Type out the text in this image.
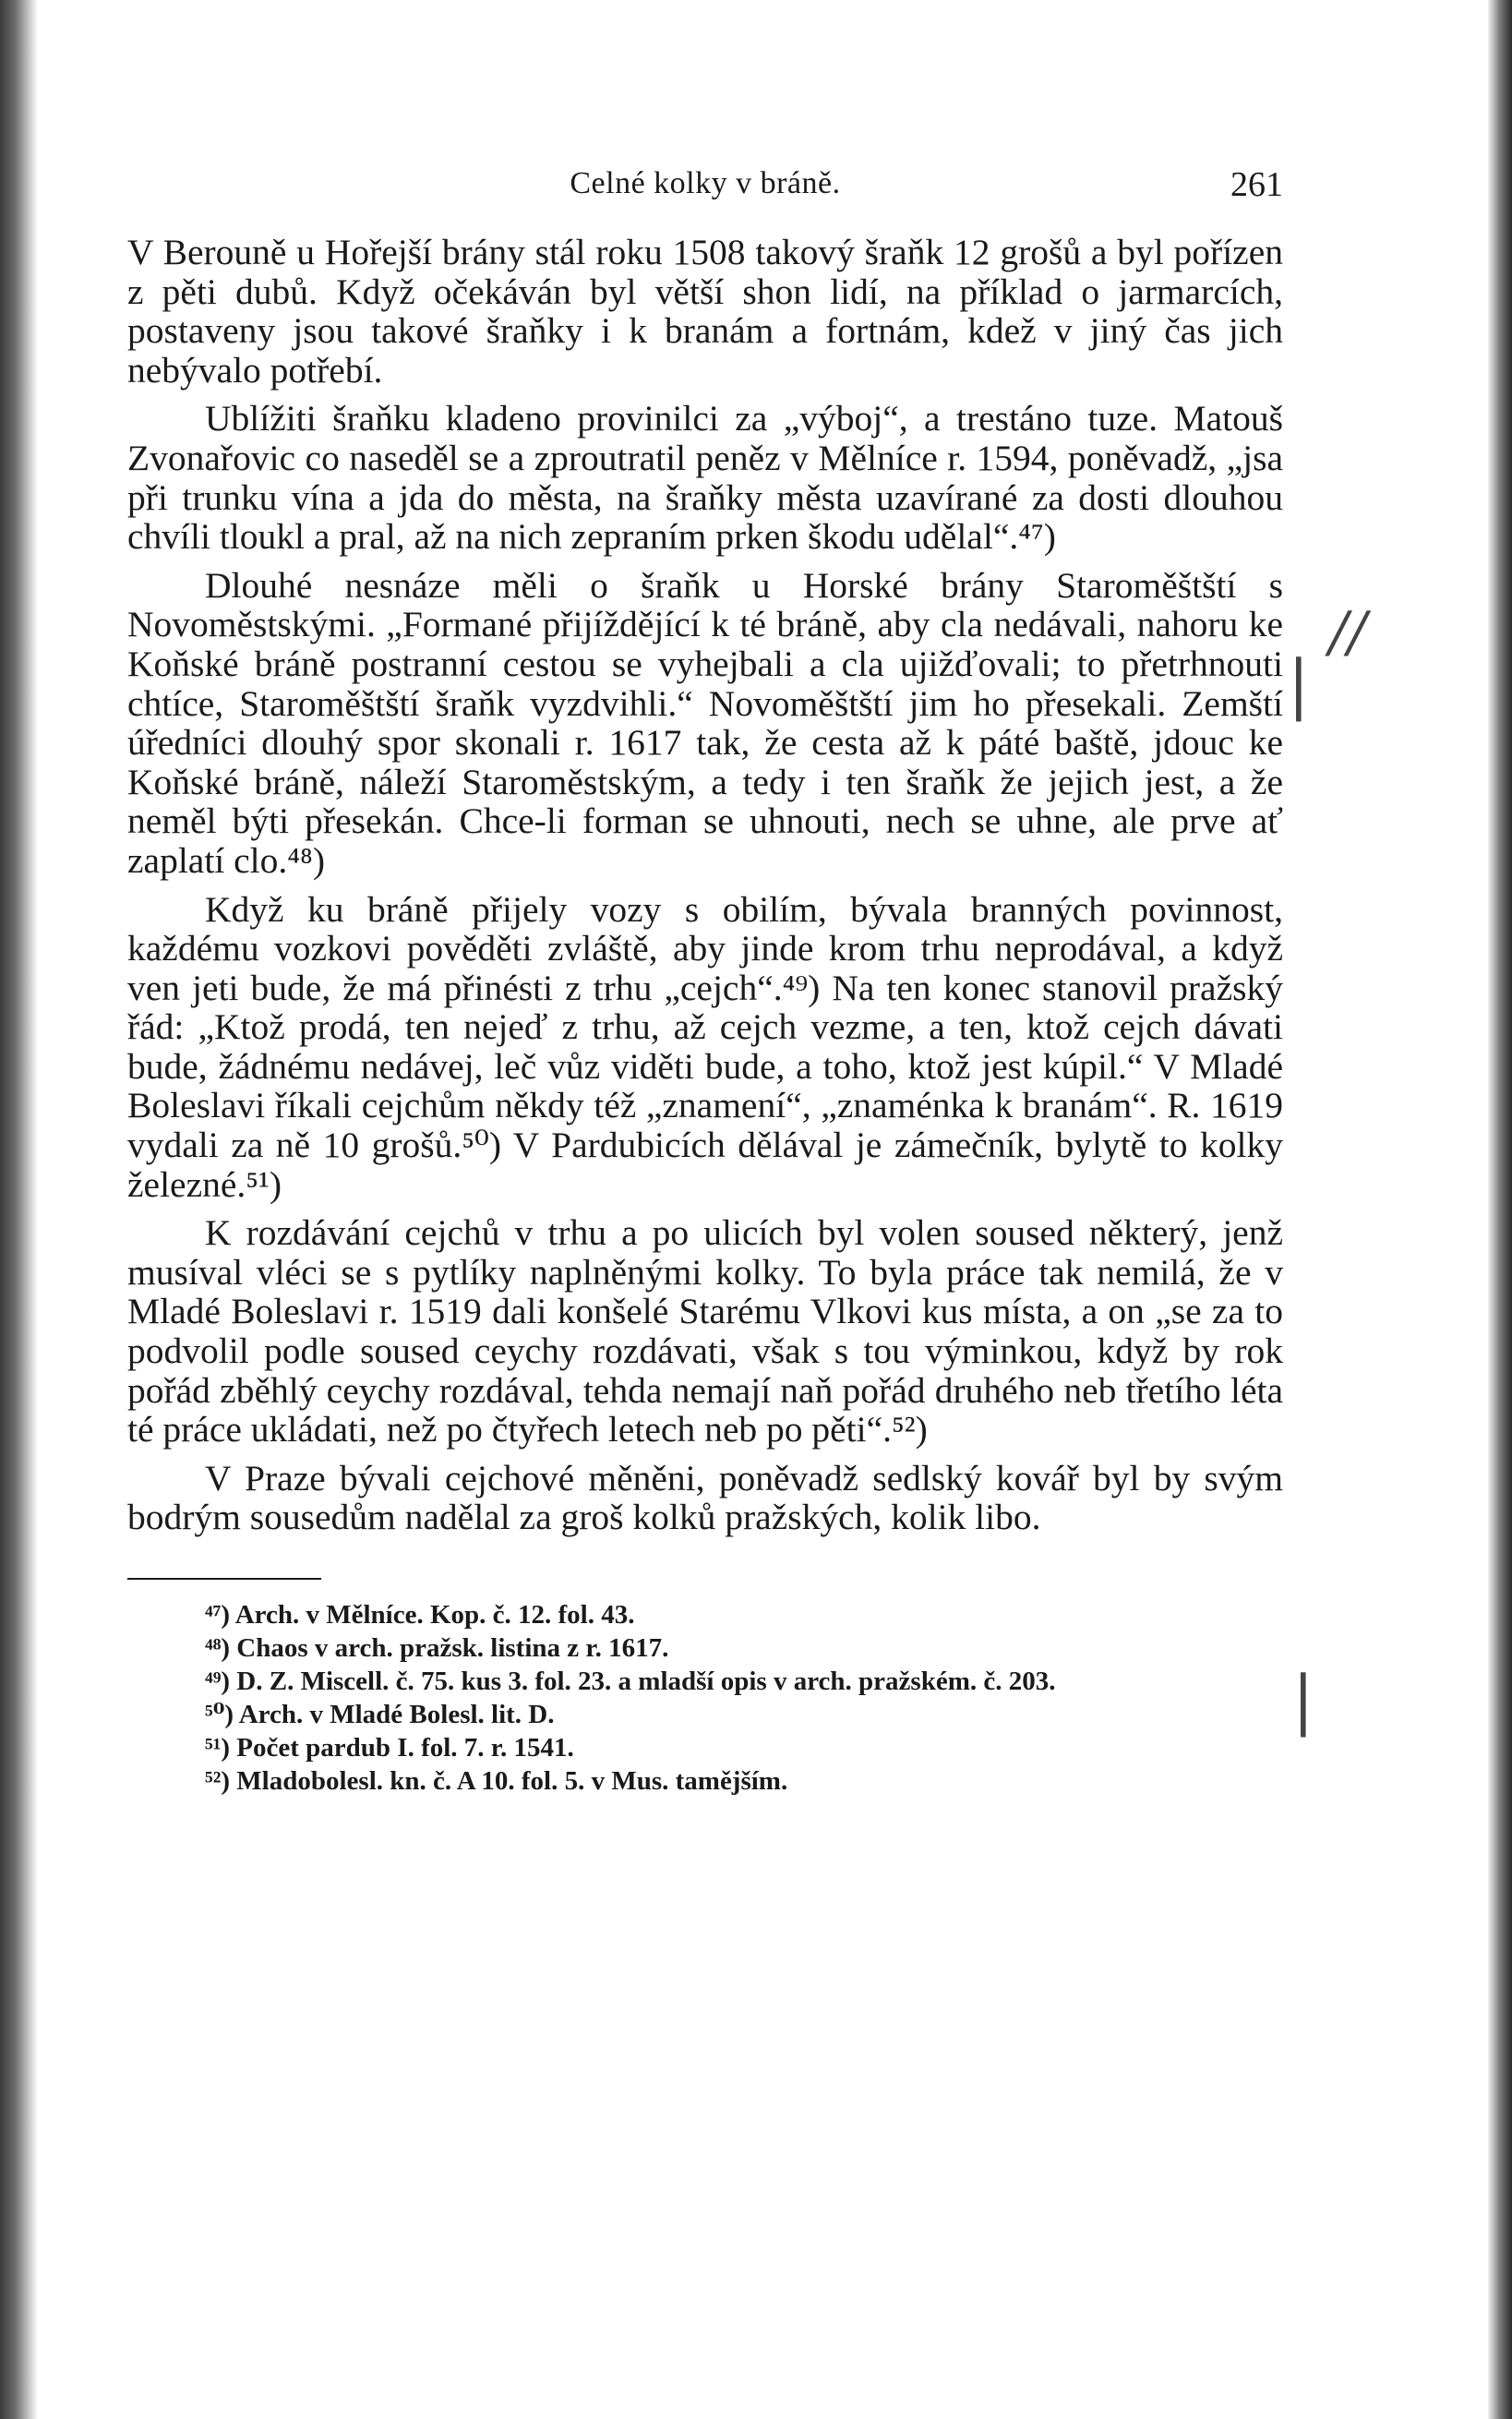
//
|
|
Celné kolky v bráně.	261

V Berouně u Hořejší brány stál roku 1508 takový šraňk 12 grošů a byl pořízen z pěti dubů. Když očekáván byl větší shon lidí, na příklad o jarmarcích, postaveny jsou takové šraňky i k branám a fortnám, kdež v jiný čas jich nebývalo potřebí.

Ublížiti šraňku kladeno provinilci za „výboj“, a trestáno tuze. Matouš Zvonařovic co naseděl se a zproutratil peněz v Mělníce r. 1594, poněvadž, „jsa při trunku vína a jda do města, na šraňky města uzavírané za dosti dlouhou chvíli tloukl a pral, až na nich zepraním prken škodu udělal“.⁴⁷)

Dlouhé nesnáze měli o šraňk u Horské brány Staroměštští s Novoměstskými. „Formané přijíždějící k té bráně, aby cla nedávali, nahoru ke Koňské bráně postranní cestou se vyhejbali a cla ujižďovali; to přetrhnouti chtíce, Staroměštští šraňk vyzdvihli.“ Novoměštští jim ho přesekali. Zemští úředníci dlouhý spor skonali r. 1617 tak, že cesta až k páté baště, jdouc ke Koňské bráně, náleží Staroměstským, a tedy i ten šraňk že jejich jest, a že neměl býti přesekán. Chce-li forman se uhnouti, nech se uhne, ale prve ať zaplatí clo.⁴⁸)

Když ku bráně přijely vozy s obilím, bývala branných povinnost, každému vozkovi pověděti zvláště, aby jinde krom trhu neprodával, a když ven jeti bude, že má přinésti z trhu „cejch“.⁴⁹) Na ten konec stanovil pražský řád: „Ktož prodá, ten nejeď z trhu, až cejch vezme, a ten, ktož cejch dávati bude, žádnému nedávej, leč vůz viděti bude, a toho, ktož jest kúpil.“ V Mladé Boleslavi říkali cejchům někdy též „znamení“, „znaménka k branám“. R. 1619 vydali za ně 10 grošů.⁵⁰) V Pardubicích dělával je zámečník, bylytě to kolky železné.⁵¹)

K rozdávání cejchů v trhu a po ulicích byl volen soused některý, jenž musíval vléci se s pytlíky naplněnými kolky. To byla práce tak nemilá, že v Mladé Boleslavi r. 1519 dali konšelé Starému Vlkovi kus místa, a on „se za to podvolil podle soused ceychy rozdávati, však s tou výminkou, když by rok pořád zběhlý ceychy rozdával, tehda nemají naň pořád druhého neb třetího léta té práce ukládati, než po čtyřech letech neb po pěti“.⁵²)

V Praze bývali cejchové měněni, poněvadž sedlský kovář byl by svým bodrým sousedům nadělal za groš kolků pražských, kolik libo.

⁴⁷) Arch. v Mělníce. Kop. č. 12. fol. 43.
⁴⁸) Chaos v arch. pražsk. listina z r. 1617.
⁴⁹) D. Z. Miscell. č. 75. kus 3. fol. 23. a mladší opis v arch. pražském. č. 203.
⁵⁰) Arch. v Mladé Bolesl. lit. D.
⁵¹) Počet pardub I. fol. 7. r. 1541.
⁵²) Mladobolesl. kn. č. A 10. fol. 5. v Mus. tamějším.
